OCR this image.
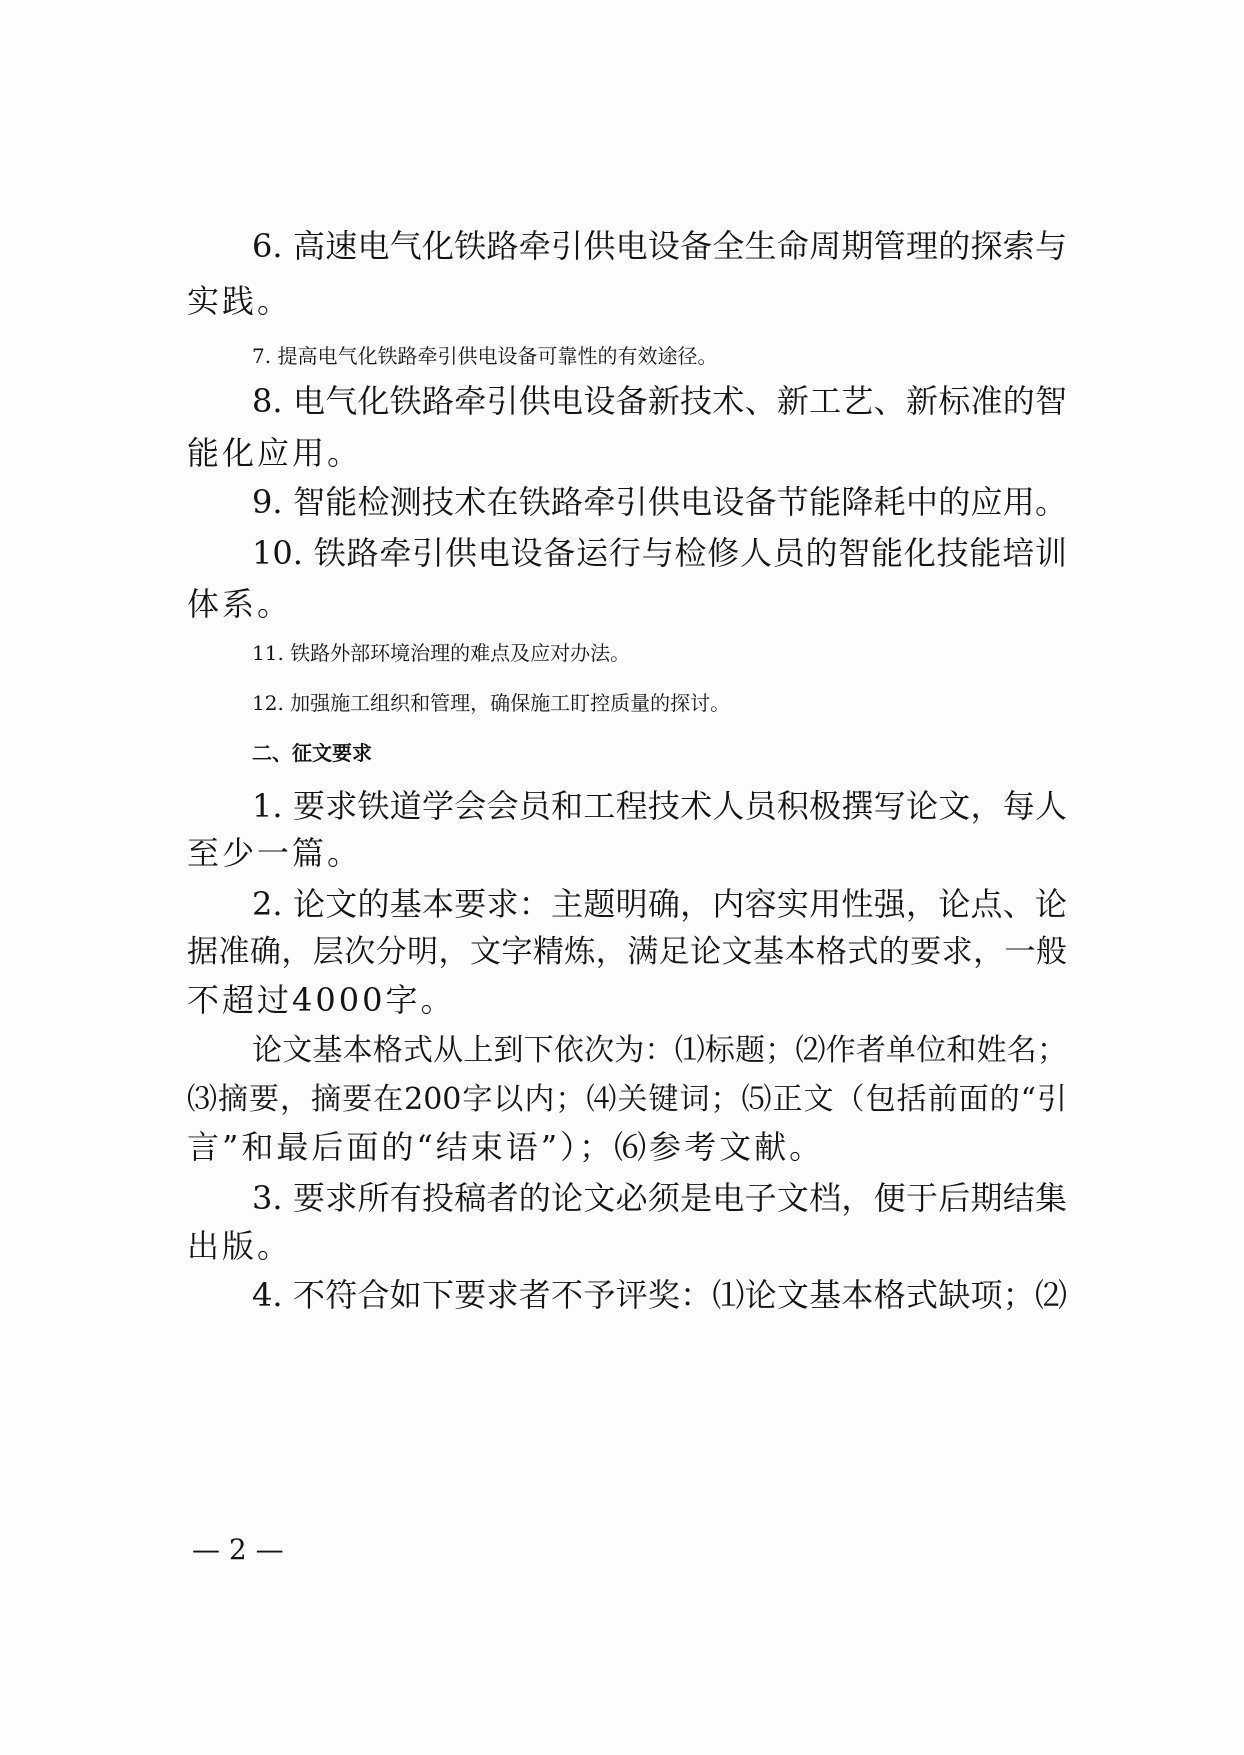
6. 高速电气化铁路牵引供电设备全生命周期管理的探索与
实践。
7. 提高电气化铁路牵引供电设备可靠性的有效途径。
8. 电气化铁路牵引供电设备新技术、新工艺、新标准的智
能化应用。
9. 智能检测技术在铁路牵引供电设备节能降耗中的应用。
10. 铁路牵引供电设备运行与检修人员的智能化技能培训
体系。
11. 铁路外部环境治理的难点及应对办法。
12. 加强施工组织和管理，确保施工盯控质量的探讨。
二、征文要求
1. 要求铁道学会会员和工程技术人员积极撰写论文，每人
至少一篇。
2. 论文的基本要求：主题明确，内容实用性强，论点、论
据准确，层次分明，文字精炼，满足论文基本格式的要求，一般
不超过4000字。
论文基本格式从上到下依次为：⑴标题；⑵作者单位和姓名；
⑶摘要，摘要在200字以内；⑷关键词；⑸正文（包括前面的“引
言”和最后面的“结束语”）；⑹参考文献。
3. 要求所有投稿者的论文必须是电子文档，便于后期结集
出版。
4. 不符合如下要求者不予评奖：⑴论文基本格式缺项；⑵
— 2 —
